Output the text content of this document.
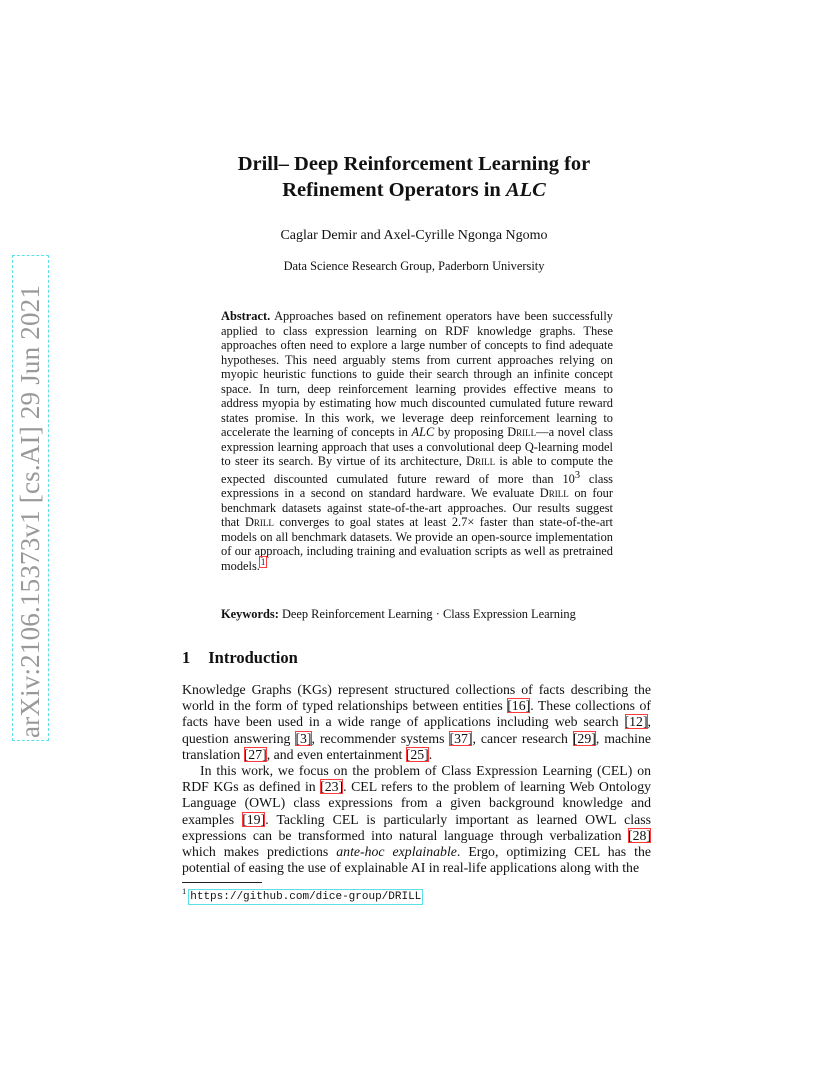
arXiv:2106.15373v1 [cs.AI] 29 Jun 2021
Drill– Deep Reinforcement Learning for
Refinement Operators in ALC
Caglar Demir and Axel-Cyrille Ngonga Ngomo
Data Science Research Group, Paderborn University
Abstract. Approaches based on refinement operators have been successfully applied to class expression learning on RDF knowledge graphs. These approaches often need to explore a large number of concepts to find adequate hypotheses. This need arguably stems from current approaches relying on myopic heuristic functions to guide their search through an infinite concept space. In turn, deep reinforcement learning provides effective means to address myopia by estimating how much discounted cumulated future reward states promise. In this work, we leverage deep reinforcement learning to accelerate the learning of concepts in ALC by proposing Drill—a novel class expression learning approach that uses a convolutional deep Q-learning model to steer its search. By virtue of its architecture, Drill is able to compute the expected discounted cumulated future reward of more than $10^3$ class expressions in a second on standard hardware. We evaluate Drill on four benchmark datasets against state-of-the-art approaches. Our results suggest that Drill converges to goal states at least 2.7× faster than state-of-the-art models on all benchmark datasets. We provide an open-source implementation of our approach, including training and evaluation scripts as well as pretrained models.$^1$
Keywords: Deep Reinforcement Learning · Class Expression Learning
1 Introduction

Knowledge Graphs (KGs) represent structured collections of facts describing the world in the form of typed relationships between entities [16]. These collections of facts have been used in a wide range of applications including web search [12], question answering [3], recommender systems [37], cancer research [29], machine translation [27], and even entertainment [25].

In this work, we focus on the problem of Class Expression Learning (CEL) on RDF KGs as defined in [23]. CEL refers to the problem of learning Web Ontology Language (OWL) class expressions from a given background knowledge and examples [19]. Tackling CEL is particularly important as learned OWL class expressions can be transformed into natural language through verbalization [28] which makes predictions ante-hoc explainable. Ergo, optimizing CEL has the potential of easing the use of explainable AI in real-life applications along with the

$^1$ https://github.com/dice-group/DRILL
